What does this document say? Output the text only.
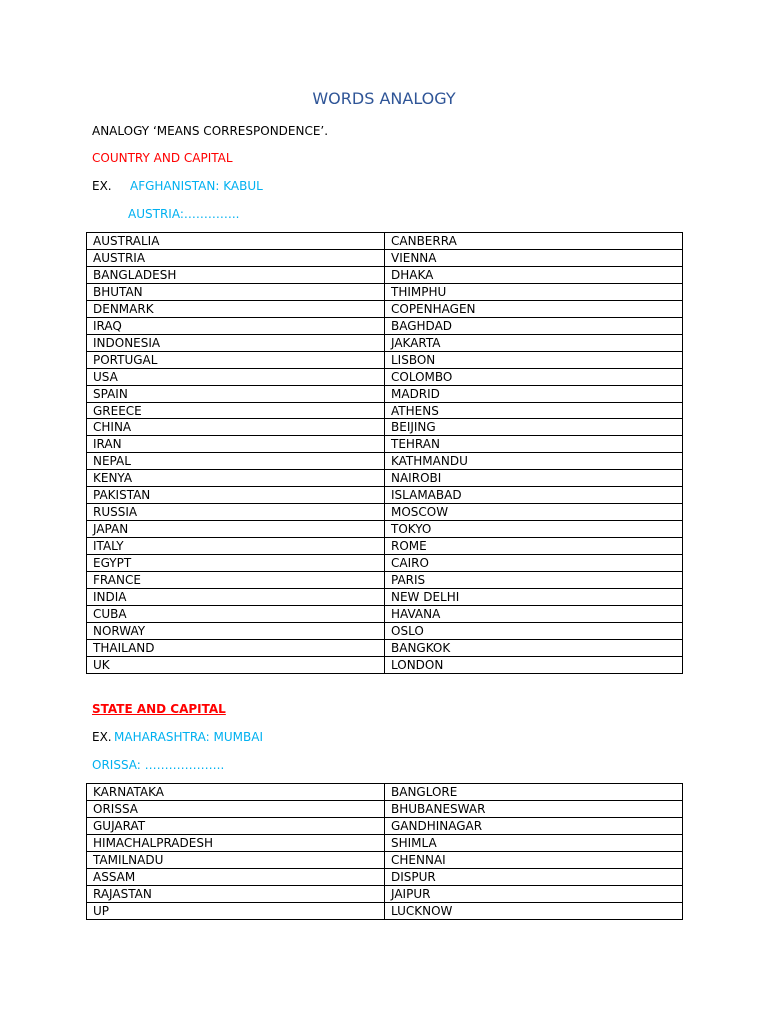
WORDS ANALOGY
ANALOGY ‘MEANS CORRESPONDENCE’.
COUNTRY AND CAPITAL
EX. AFGHANISTAN: KABUL
AUSTRIA:…………..
AUSTRALIA	CANBERRA
AUSTRIA	VIENNA
BANGLADESH	DHAKA
BHUTAN	THIMPHU
DENMARK	COPENHAGEN
IRAQ	BAGHDAD
INDONESIA	JAKARTA
PORTUGAL	LISBON
USA	COLOMBO
SPAIN	MADRID
GREECE	ATHENS
CHINA	BEIJING
IRAN	TEHRAN
NEPAL	KATHMANDU
KENYA	NAIROBI
PAKISTAN	ISLAMABAD
RUSSIA	MOSCOW
JAPAN	TOKYO
ITALY	ROME
EGYPT	CAIRO
FRANCE	PARIS
INDIA	NEW DELHI
CUBA	HAVANA
NORWAY	OSLO
THAILAND	BANGKOK
UK	LONDON
STATE AND CAPITAL
EX. MAHARASHTRA: MUMBAI
ORISSA: ………………..
KARNATAKA	BANGLORE
ORISSA	BHUBANESWAR
GUJARAT	GANDHINAGAR
HIMACHALPRADESH	SHIMLA
TAMILNADU	CHENNAI
ASSAM	DISPUR
RAJASTAN	JAIPUR
UP	LUCKNOW
